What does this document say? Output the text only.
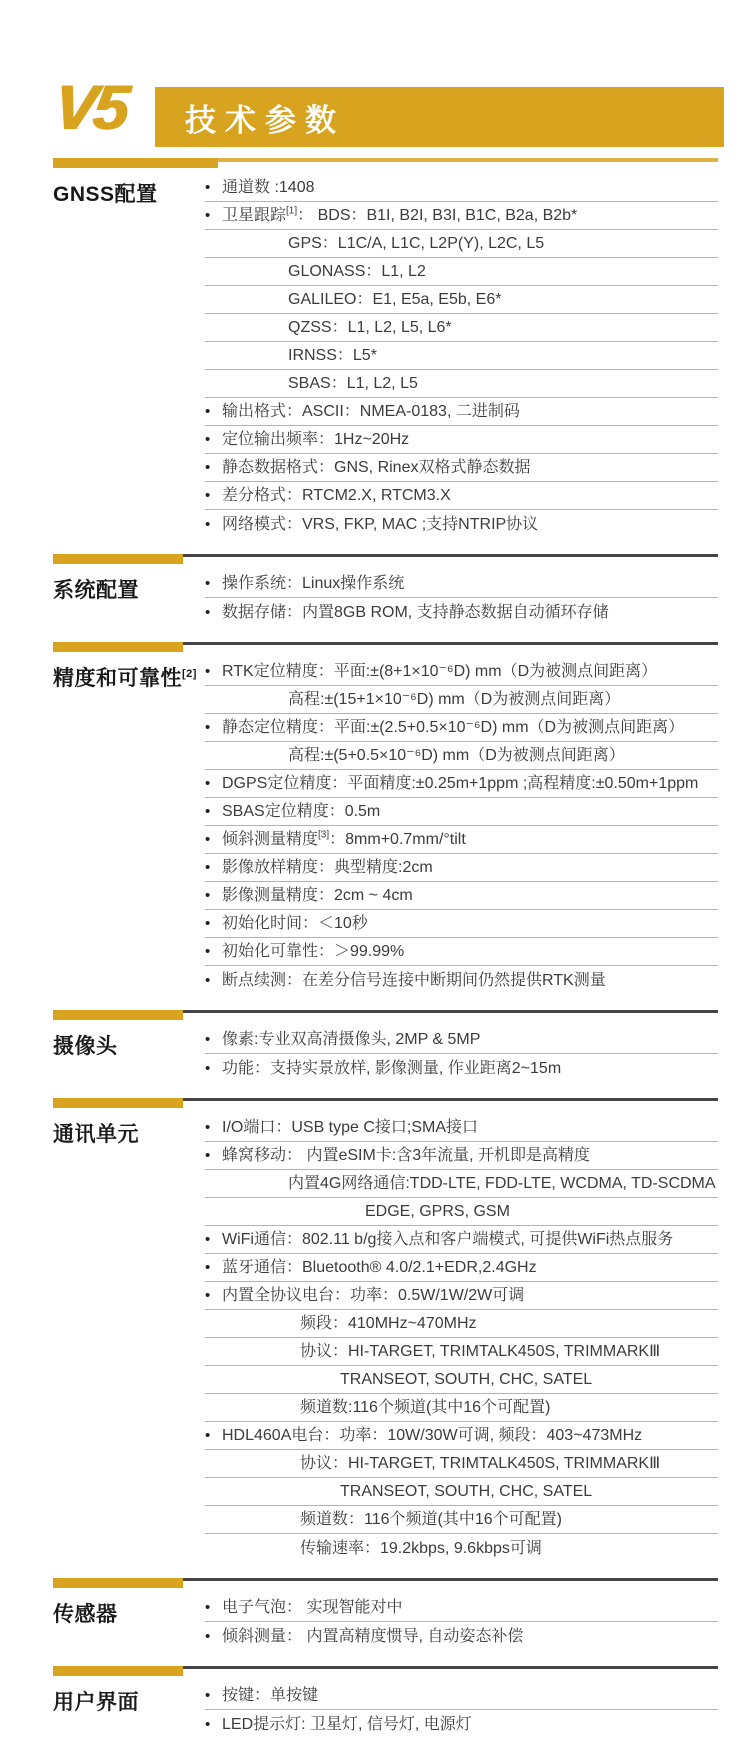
V5 技术参数
GNSS配置	• 通道数 :1408
• 卫星跟踪[1]： BDS：B1I, B2I, B3I, B1C, B2a, B2b*
GPS：L1C/A, L1C, L2P(Y), L2C, L5
GLONASS：L1, L2
GALILEO：E1, E5a, E5b, E6*
QZSS：L1, L2, L5, L6*
IRNSS：L5*
SBAS：L1, L2, L5
• 输出格式：ASCII：NMEA-0183, 二进制码
• 定位输出频率：1Hz~20Hz
• 静态数据格式：GNS, Rinex双格式静态数据
• 差分格式：RTCM2.X, RTCM3.X
• 网络模式：VRS, FKP, MAC ;支持NTRIP协议
系统配置	• 操作系统：Linux操作系统
• 数据存储：内置8GB ROM, 支持静态数据自动循环存储
精度和可靠性[2] • RTK定位精度：平面:±(8+1×10⁻⁶D) mm（D为被测点间距离）
高程:±(15+1×10⁻⁶D) mm（D为被测点间距离）
• 静态定位精度：平面:±(2.5+0.5×10⁻⁶D) mm（D为被测点间距离）
高程:±(5+0.5×10⁻⁶D) mm（D为被测点间距离）
• DGPS定位精度：平面精度:±0.25m+1ppm ;高程精度:±0.50m+1ppm
• SBAS定位精度：0.5m
• 倾斜测量精度[3]：8mm+0.7mm/°tilt
• 影像放样精度：典型精度:2cm
• 影像测量精度：2cm ~ 4cm
• 初始化时间：＜10秒
• 初始化可靠性：＞99.99%
• 断点续测：在差分信号连接中断期间仍然提供RTK测量
摄像头	• 像素:专业双高清摄像头, 2MP & 5MP
• 功能：支持实景放样, 影像测量, 作业距离2~15m
通讯单元	• I/O端口：USB type C接口;SMA接口
• 蜂窝移动： 内置eSIM卡:含3年流量, 开机即是高精度
内置4G网络通信:TDD-LTE, FDD-LTE, WCDMA, TD-SCDMA
EDGE, GPRS, GSM
• WiFi通信：802.11 b/g接入点和客户端模式, 可提供WiFi热点服务
• 蓝牙通信：Bluetooth® 4.0/2.1+EDR,2.4GHz
• 内置全协议电台：功率：0.5W/1W/2W可调
频段：410MHz~470MHz
协议：HI-TARGET, TRIMTALK450S, TRIMMARKⅢ
TRANSEOT, SOUTH, CHC, SATEL
频道数:116个频道(其中16个可配置)
• HDL460A电台：功率：10W/30W可调, 频段：403~473MHz
协议：HI-TARGET, TRIMTALK450S, TRIMMARKⅢ
TRANSEOT, SOUTH, CHC, SATEL
频道数：116个频道(其中16个可配置)
传输速率：19.2kbps, 9.6kbps可调
传感器	• 电子气泡： 实现智能对中
• 倾斜测量： 内置高精度惯导, 自动姿态补偿
用户界面	• 按键：单按键
• LED提示灯: 卫星灯, 信号灯, 电源灯
